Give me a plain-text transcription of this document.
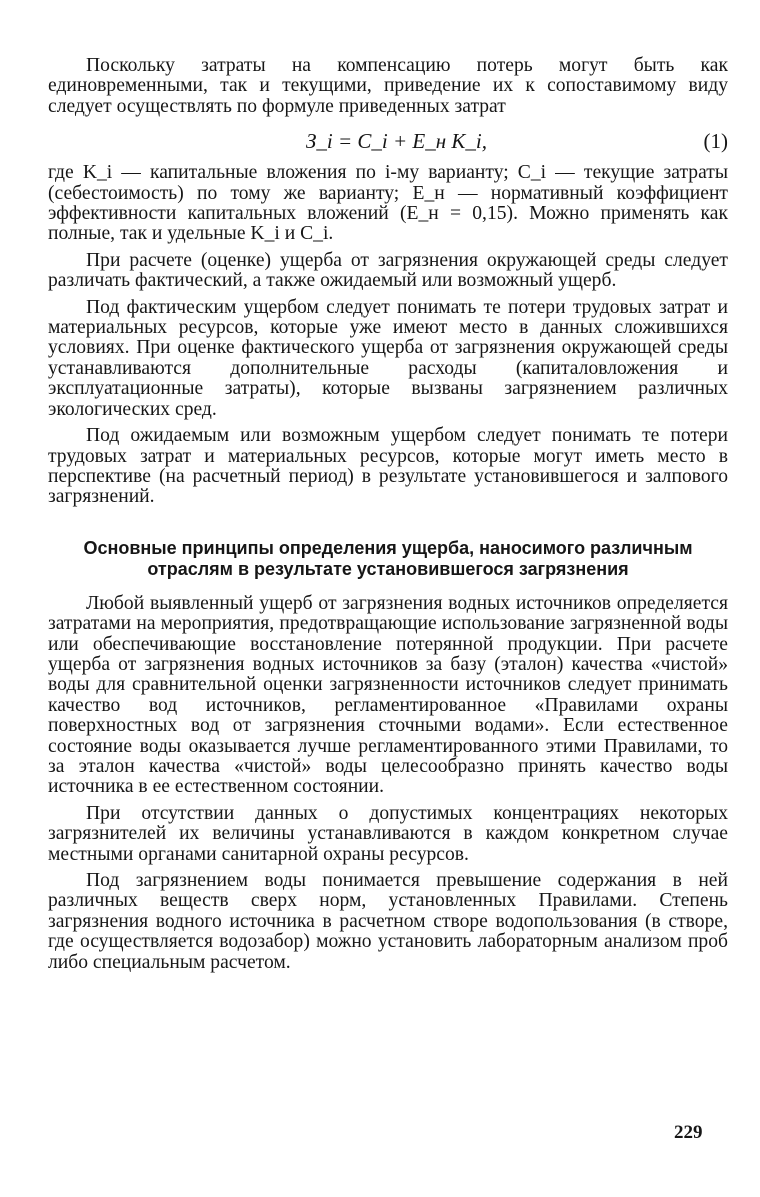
Поскольку затраты на компенсацию потерь могут быть как единовременными, так и текущими, приведение их к сопоставимому виду следует осуществлять по формуле приведенных затрат

З_i = C_i + E_н K_i,	(1)

где K_i — капитальные вложения по i-му варианту; C_i — текущие затраты (себестоимость) по тому же варианту; E_н — нормативный коэффициент эффективности капитальных вложений (E_н = 0,15). Можно применять как полные, так и удельные K_i и C_i.

При расчете (оценке) ущерба от загрязнения окружающей среды следует различать фактический, а также ожидаемый или возможный ущерб.

Под фактическим ущербом следует понимать те потери трудовых затрат и материальных ресурсов, которые уже имеют место в данных сложившихся условиях. При оценке фактического ущерба от загрязнения окружающей среды устанавливаются дополнительные расходы (капиталовложения и эксплуатационные затраты), которые вызваны загрязнением различных экологических сред.

Под ожидаемым или возможным ущербом следует понимать те потери трудовых затрат и материальных ресурсов, которые могут иметь место в перспективе (на расчетный период) в результате установившегося и залпового загрязнений.

Основные принципы определения ущерба, наносимого различным
отраслям в результате установившегося загрязнения

Любой выявленный ущерб от загрязнения водных источников определяется затратами на мероприятия, предотвращающие использование загрязненной воды или обеспечивающие восстановление потерянной продукции. При расчете ущерба от загрязнения водных источников за базу (эталон) качества «чистой» воды для сравнительной оценки загрязненности источников следует принимать качество вод источников, регламентированное «Правилами охраны поверхностных вод от загрязнения сточными водами». Если естественное состояние воды оказывается лучше регламентированного этими Правилами, то за эталон качества «чистой» воды целесообразно принять качество воды источника в ее естественном состоянии.

При отсутствии данных о допустимых концентрациях некоторых загрязнителей их величины устанавливаются в каждом конкретном случае местными органами санитарной охраны ресурсов.

Под загрязнением воды понимается превышение содержания в ней различных веществ сверх норм, установленных Правилами. Степень загрязнения водного источника в расчетном створе водопользования (в створе, где осуществляется водозабор) можно установить лабораторным анализом проб либо специальным расчетом.

229
